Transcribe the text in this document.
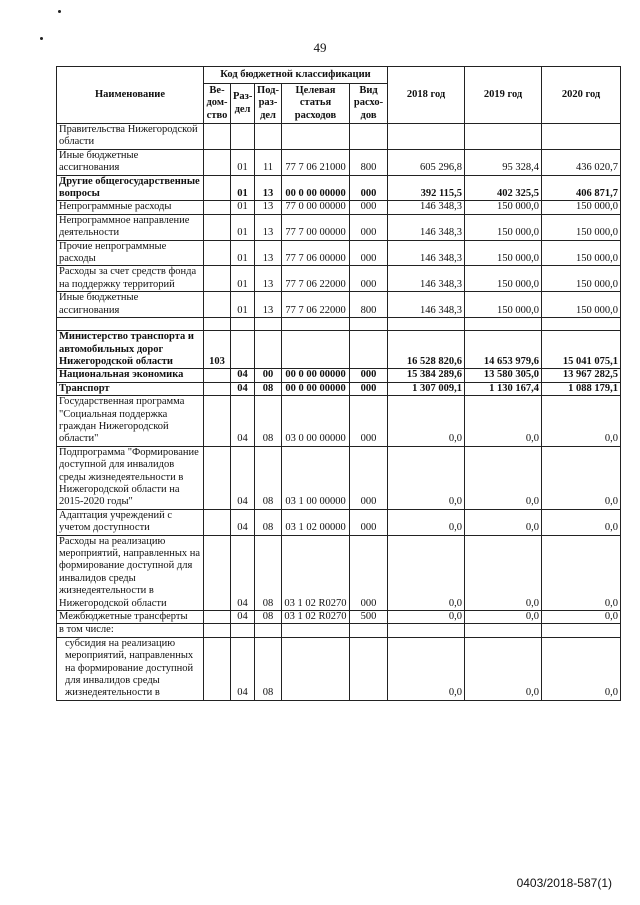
49
Наименование	Код бюджетной классификации					2018 год	2019 год	2020 год
	Ве-
дом-
ство	Раз-
дел	Под-
раз-
дел	Целевая
статья
расходов	Вид
расхо-
дов			
Правительства Нижегородской области								
Иные бюджетные ассигнования		01	11	77 7 06 21000	800	605 296,8	95 328,4	436 020,7
Другие общегосударственные вопросы		01	13	00 0 00 00000	000	392 115,5	402 325,5	406 871,7
Непрограммные расходы		01	13	77 0 00 00000	000	146 348,3	150 000,0	150 000,0
Непрограммное направление деятельности		01	13	77 7 00 00000	000	146 348,3	150 000,0	150 000,0
Прочие непрограммные расходы		01	13	77 7 06 00000	000	146 348,3	150 000,0	150 000,0
Расходы за счет средств фонда на поддержку территорий		01	13	77 7 06 22000	000	146 348,3	150 000,0	150 000,0
Иные бюджетные ассигнования		01	13	77 7 06 22000	800	146 348,3	150 000,0	150 000,0

Министерство транспорта и автомобильных дорог Нижегородской области	103					16 528 820,6	14 653 979,6	15 041 075,1
Национальная экономика		04	00	00 0 00 00000	000	15 384 289,6	13 580 305,0	13 967 282,5
Транспорт		04	08	00 0 00 00000	000	1 307 009,1	1 130 167,4	1 088 179,1
Государственная программа "Социальная поддержка граждан Нижегородской области"		04	08	03 0 00 00000	000	0,0	0,0	0,0
Подпрограмма "Формирование доступной для инвалидов среды жизнедеятельности в Нижегородской области на 2015-2020 годы"		04	08	03 1 00 00000	000	0,0	0,0	0,0
Адаптация учреждений с учетом доступности		04	08	03 1 02 00000	000	0,0	0,0	0,0
Расходы на реализацию мероприятий, направленных на формирование доступной для инвалидов среды жизнедеятельности в Нижегородской области		04	08	03 1 02 R0270	000	0,0	0,0	0,0
Межбюджетные трансферты		04	08	03 1 02 R0270	500	0,0	0,0	0,0
в том числе:								
субсидия на реализацию мероприятий, направленных на формирование доступной для инвалидов среды жизнедеятельности в		04	08			0,0	0,0	0,0
0403/2018-587(1)
